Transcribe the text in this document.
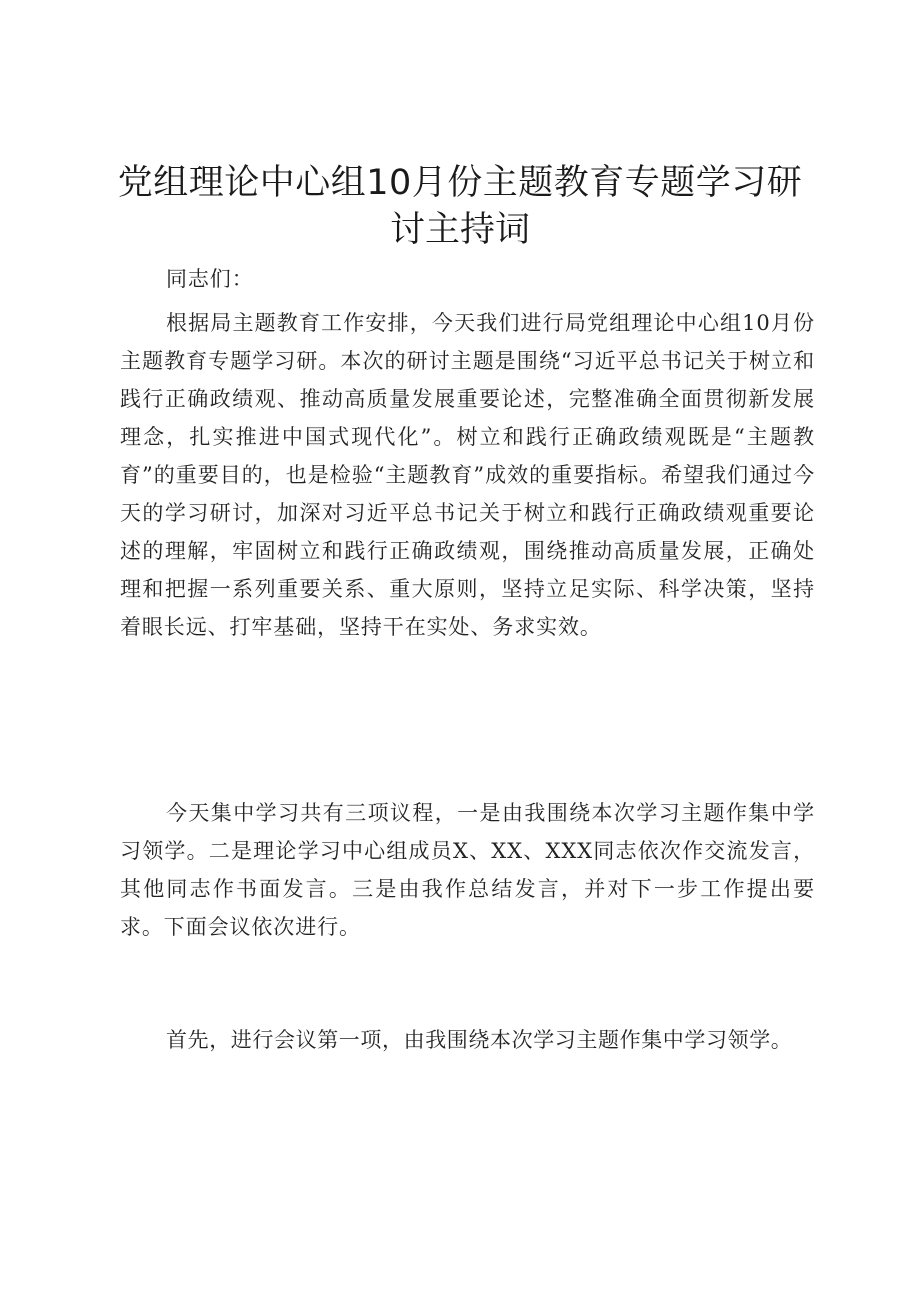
党组理论中心组10月份主题教育专题学习研
讨主持词

同志们：

根据局主题教育工作安排，今天我们进行局党组理论中心组10月份主题教育专题学习研。本次的研讨主题是围绕“习近平总书记关于树立和践行正确政绩观、推动高质量发展重要论述，完整准确全面贯彻新发展理念，扎实推进中国式现代化”。树立和践行正确政绩观既是“主题教育”的重要目的，也是检验“主题教育”成效的重要指标。希望我们通过今天的学习研讨，加深对习近平总书记关于树立和践行正确政绩观重要论述的理解，牢固树立和践行正确政绩观，围绕推动高质量发展，正确处理和把握一系列重要关系、重大原则，坚持立足实际、科学决策，坚持着眼长远、打牢基础，坚持干在实处、务求实效。

今天集中学习共有三项议程，一是由我围绕本次学习主题作集中学习领学。二是理论学习中心组成员X、XX、XXX同志依次作交流发言，其他同志作书面发言。三是由我作总结发言，并对下一步工作提出要求。下面会议依次进行。

首先，进行会议第一项，由我围绕本次学习主题作集中学习领学。
